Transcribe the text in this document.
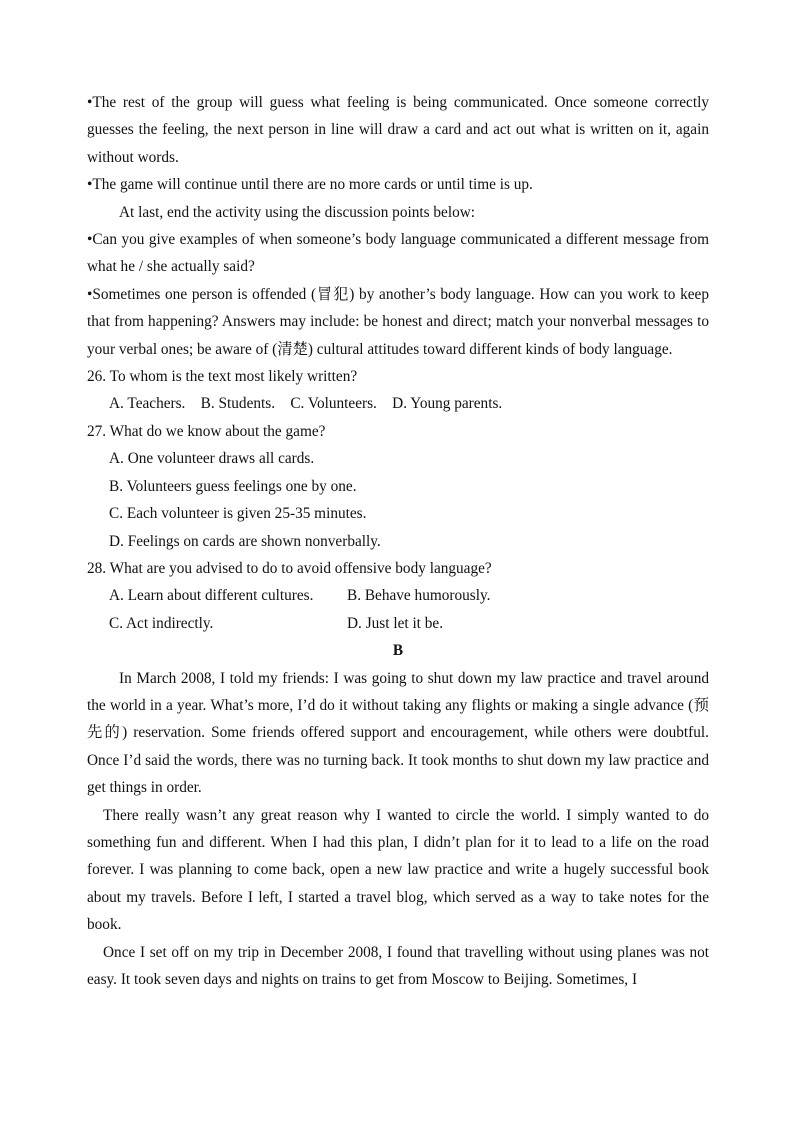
•The rest of the group will guess what feeling is being communicated. Once someone correctly guesses the feeling, the next person in line will draw a card and act out what is written on it, again without words.

•The game will continue until there are no more cards or until time is up.

At last, end the activity using the discussion points below:

•Can you give examples of when someone’s body language communicated a different message from what he / she actually said?

•Sometimes one person is offended (冒犯) by another’s body language. How can you work to keep that from happening? Answers may include: be honest and direct; match your nonverbal messages to your verbal ones; be aware of (清楚) cultural attitudes toward different kinds of body language.

26. To whom is the text most likely written?

A. Teachers.    B. Students.    C. Volunteers.    D. Young parents.

27. What do we know about the game?

A. One volunteer draws all cards.

B. Volunteers guess feelings one by one.

C. Each volunteer is given 25-35 minutes.

D. Feelings on cards are shown nonverbally.

28. What are you advised to do to avoid offensive body language?

A. Learn about different cultures.	B. Behave humorously.
C. Act indirectly.	D. Just let it be.

B

In March 2008, I told my friends: I was going to shut down my law practice and travel around the world in a year. What’s more, I’d do it without taking any flights or making a single advance (预先的) reservation. Some friends offered support and encouragement, while others were doubtful. Once I’d said the words, there was no turning back. It took months to shut down my law practice and get things in order.

There really wasn’t any great reason why I wanted to circle the world. I simply wanted to do something fun and different. When I had this plan, I didn’t plan for it to lead to a life on the road forever. I was planning to come back, open a new law practice and write a hugely successful book about my travels. Before I left, I started a travel blog, which served as a way to take notes for the book.

Once I set off on my trip in December 2008, I found that travelling without using planes was not easy. It took seven days and nights on trains to get from Moscow to Beijing. Sometimes, I
